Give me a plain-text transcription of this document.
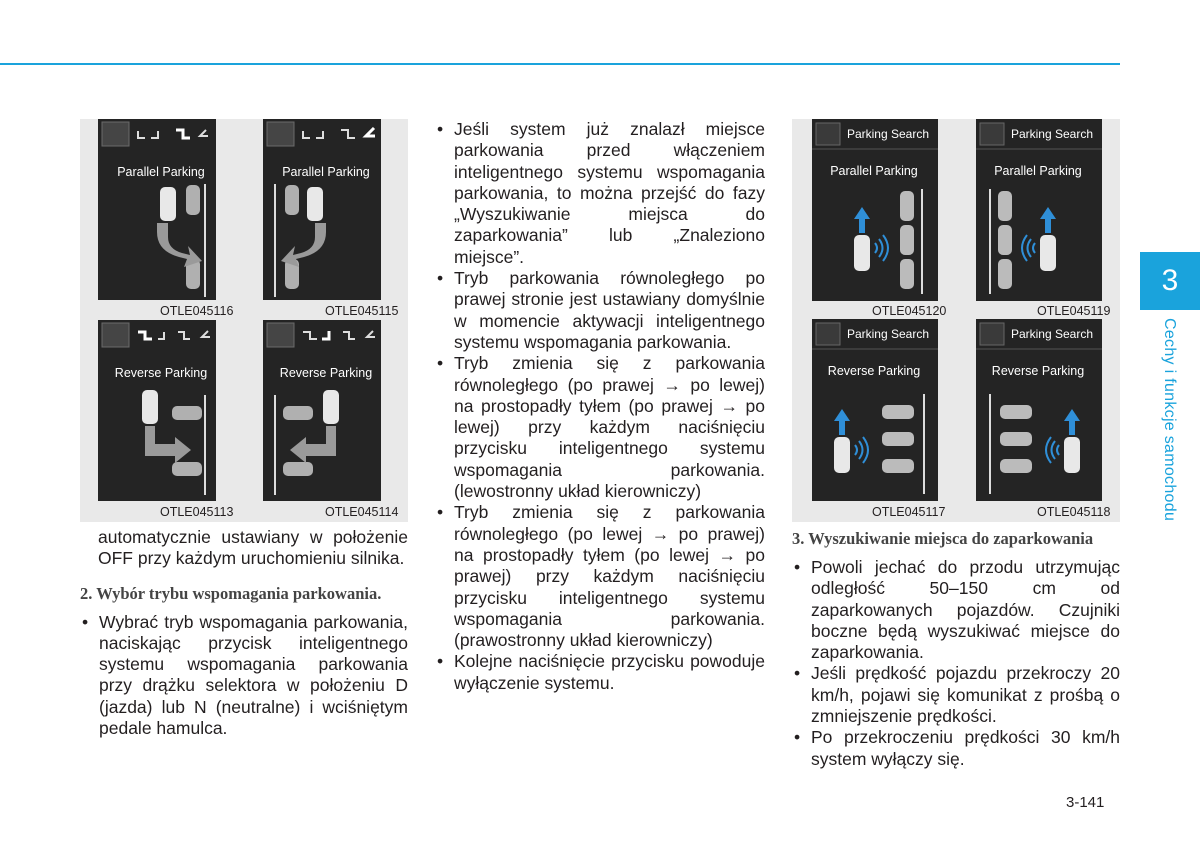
3
Cechy i funkcje samochodu
Parallel Parking	Parallel Parking
Reverse Parking	Reverse Parking
OTLE045116	OTLE045115
OTLE045113	OTLE045114
Parking Search
Parallel Parking
Parking Search
Parallel Parking
Parking Search
Reverse Parking
Parking Search
Reverse Parking
OTLE045120	OTLE045119
OTLE045117	OTLE045118

automatycznie ustawiany w położenie OFF przy każdym uruchomieniu silnika.

2. Wybór trybu wspomagania parkowania.

• Wybrać tryb wspomagania parkowania, naciskając przycisk inteligentnego systemu wspomagania parkowania przy drążku selektora w położeniu D (jazda) lub N (neutralne) i wciśniętym pedale hamulca.

• Jeśli system już znalazł miejsce parkowania przed włączeniem inteligentnego systemu wspomagania parkowania, to można przejść do fazy „Wyszukiwanie miejsca do zaparkowania” lub „Znaleziono miejsce”.

• Tryb parkowania równoległego po prawej stronie jest ustawiany domyślnie w momencie aktywacji inteligentnego systemu wspomagania parkowania.

• Tryb zmienia się z parkowania równoległego (po prawej → po lewej) na prostopadły tyłem (po prawej → po lewej) przy każdym naciśnięciu przycisku inteligentnego systemu wspomagania parkowania. (lewostronny układ kierowniczy)

• Tryb zmienia się z parkowania równoległego (po lewej → po prawej) na prostopadły tyłem (po lewej → po prawej) przy każdym naciśnięciu przycisku inteligentnego systemu wspomagania parkowania. (prawostronny układ kierowniczy)

• Kolejne naciśnięcie przycisku powoduje wyłączenie systemu.

3. Wyszukiwanie miejsca do zaparkowania

• Powoli jechać do przodu utrzymując odległość 50–150 cm od zaparkowanych pojazdów. Czujniki boczne będą wyszukiwać miejsce do zaparkowania.

• Jeśli prędkość pojazdu przekroczy 20 km/h, pojawi się komunikat z prośbą o zmniejszenie prędkości.

• Po przekroczeniu prędkości 30 km/h system wyłączy się.

3-141
